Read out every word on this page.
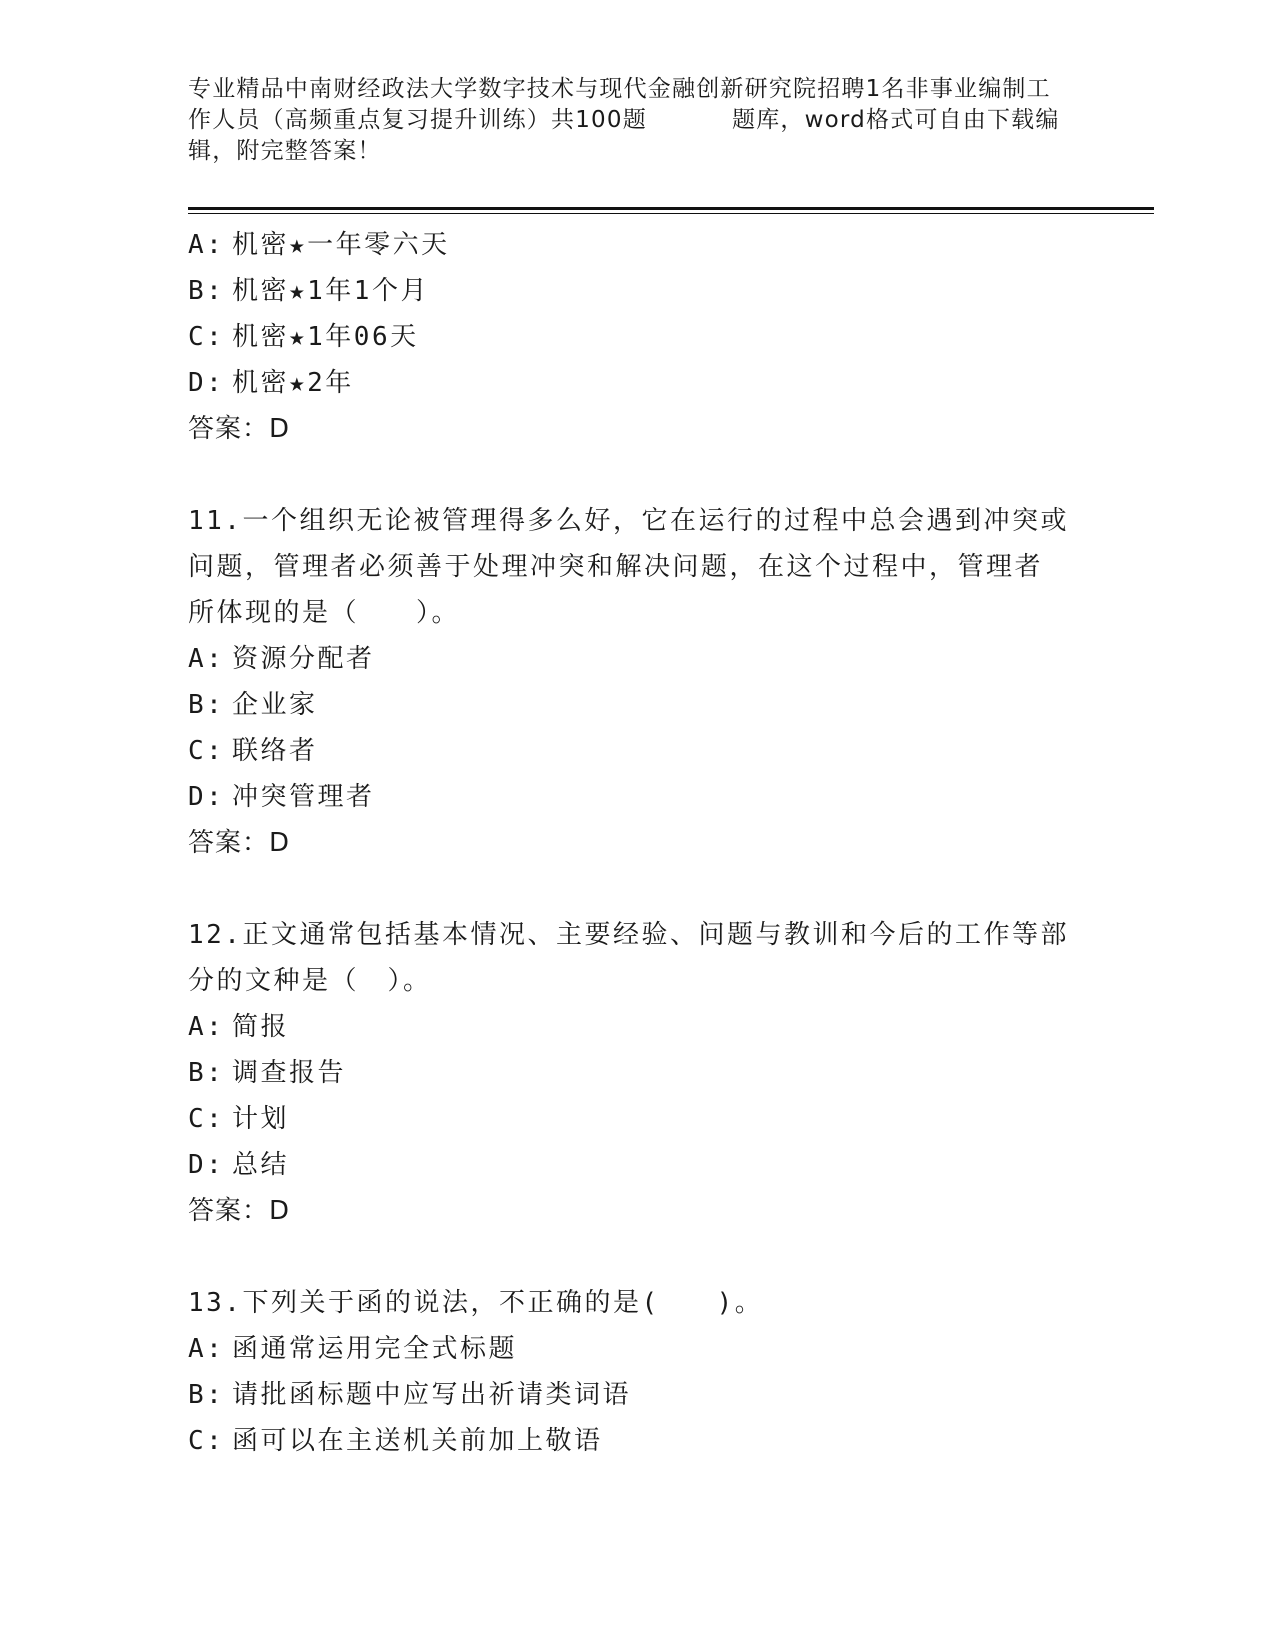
专业精品中南财经政法大学数字技术与现代金融创新研究院招聘1名非事业编制工
作人员（高频重点复习提升训练）共100题          题库，word格式可自由下载编
辑，附完整答案！
A: 机密★一年零六天
B: 机密★1年1个月
C: 机密★1年06天
D: 机密★2年
答案：D
11.一个组织无论被管理得多么好，它在运行的过程中总会遇到冲突或
问题，管理者必须善于处理冲突和解决问题，在这个过程中，管理者
所体现的是（　　）。
A: 资源分配者
B: 企业家
C: 联络者
D: 冲突管理者
答案：D
12.正文通常包括基本情况、主要经验、问题与教训和今后的工作等部
分的文种是（　）。
A: 简报
B: 调查报告
C: 计划
D: 总结
答案：D
13.下列关于函的说法，不正确的是(　　)。
A: 函通常运用完全式标题
B: 请批函标题中应写出祈请类词语
C: 函可以在主送机关前加上敬语
